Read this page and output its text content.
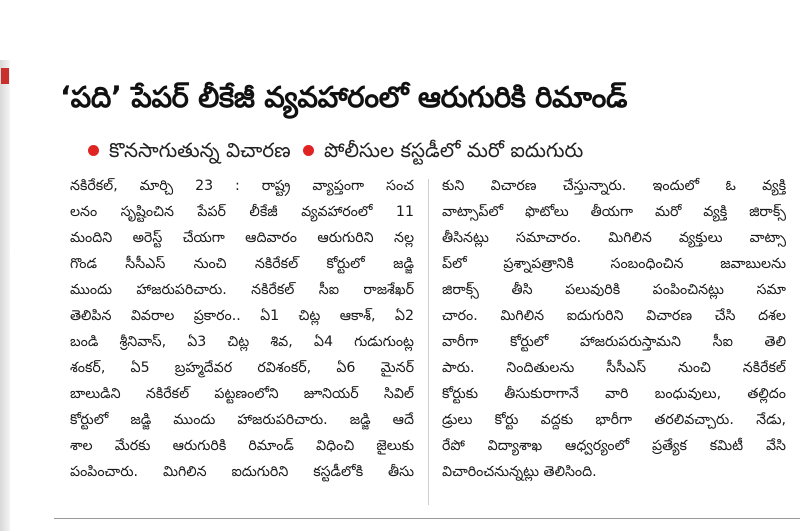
‘పది’ పేపర్ లీకేజీ వ్యవహారంలో ఆరుగురికి రిమాండ్
కొనసాగుతున్న విచారణ పోలీసుల కస్టడీలో మరో ఐదుగురు
నకిరేకల్, మార్చి 23 : రాష్ట్ర వ్యాప్తంగా సంచ
లనం సృష్టించిన పేపర్ లీకేజీ వ్యవహారంలో 11
మందిని అరెస్ట్ చేయగా ఆదివారం ఆరుగురిని నల్ల
గొండ సీసీఎస్ నుంచి నకిరేకల్ కోర్టులో జడ్జి
ముందు హాజరుపరిచారు. నకిరేకల్ సీఐ రాజశేఖర్
తెలిపిన వివరాల ప్రకారం.. ఏ1 చిట్ల ఆకాశ్, ఏ2
బండి శ్రీనివాస్, ఏ3 చిట్ల శివ, ఏ4 గుడుగుంట్ల
శంకర్, ఏ5 బ్రహ్మదేవర రవిశంకర్, ఏ6 మైనర్
బాలుడిని నకిరేకల్ పట్టణంలోని జూనియర్ సివిల్
కోర్టులో జడ్జి ముందు హాజరుపరిచారు. జడ్జి ఆదే
శాల మేరకు ఆరుగురికి రిమాండ్ విధించి జైలుకు
పంపించారు. మిగిలిన ఐదుగురిని కస్టడీలోకి తీసు
కుని విచారణ చేస్తున్నారు. ఇందులో ఓ వ్యక్తి
వాట్సాప్‌లో ఫొటోలు తీయగా మరో వ్యక్తి జిరాక్స్
తీసినట్లు సమాచారం. మిగిలిన వ్యక్తులు వాట్సా
ప్‌లో ప్రశ్నాపత్రానికి సంబంధించిన జవాబులను
జిరాక్స్ తీసి పలువురికి పంపించినట్లు సమా
చారం. మిగిలిన ఐదుగురిని విచారణ చేసి దశల
వారీగా కోర్టులో హాజరుపరుస్తామని సీఐ తెలి
పారు. నిందితులను సీసీఎస్ నుంచి నకిరేకల్
కోర్టుకు తీసుకురాగానే వారి బంధువులు, తల్లిదం
డ్రులు కోర్టు వద్దకు భారీగా తరలివచ్చారు. నేడు,
రేపో విద్యాశాఖ ఆధ్వర్యంలో ప్రత్యేక కమిటీ వేసి
విచారించనున్నట్లు తెలిసింది.
